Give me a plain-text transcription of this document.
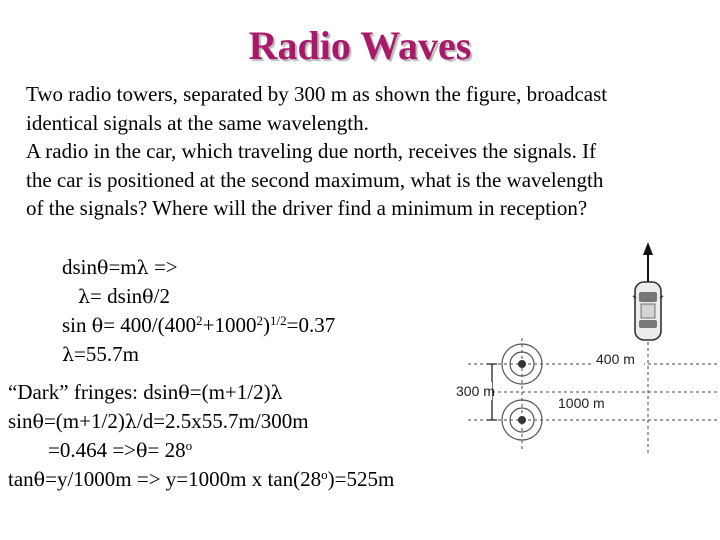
Radio Waves

Two radio towers, separated by 300 m as shown the figure, broadcast

identical signals at the same wavelength.

A radio in the car, which traveling due north, receives the signals. If

the car is positioned at the second maximum, what is the wavelength

of the signals? Where will the driver find a minimum in reception?

dsinθ=mλ =>
λ= dsinθ/2
$\sin \theta= 400/(400^2+1000^2)^{1/2}=0.37$
λ=55.7m
“Dark” fringes: dsinθ=(m+1/2)λ
sinθ=(m+1/2)λ/d=2.5x55.7m/300m
$=0.464 =>\theta= 28^o$
tanθ=y/1000m => y=1000m x $\tan(28^o)=525m$
400 m
300 m
1000 m
